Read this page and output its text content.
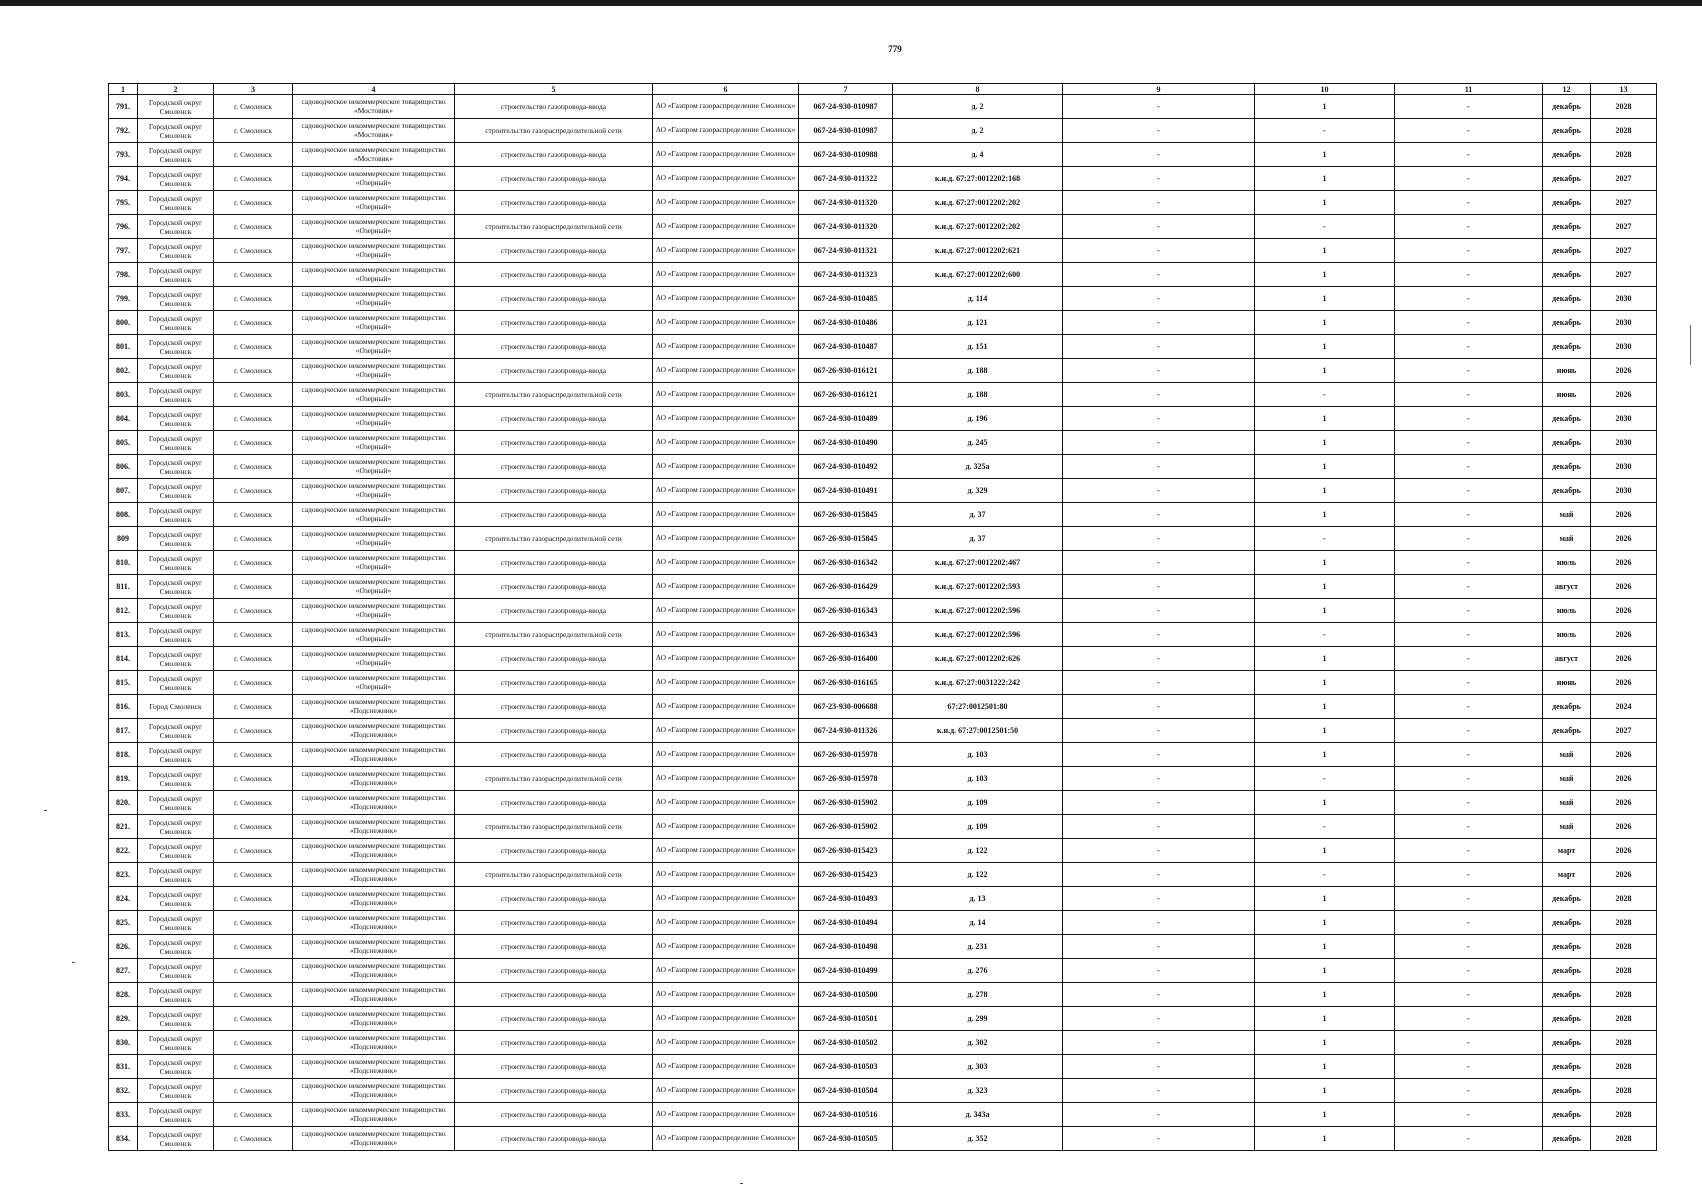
779
1	2	3	4	5	6	7	8	9	10	11	12	13
791.	Городской округ Смоленск	г. Смоленск	садоводческое некоммерческое товарищество «Мостовик»	строительство газопровода-ввода	АО «Газпром газораспределение Смоленск»	067-24-930-010987	д. 2	-	1	-	декабрь	2028
792.	Городской округ Смоленск	г. Смоленск	садоводческое некоммерческое товарищество «Мостовик»	строительство газораспределительной сети	АО «Газпром газораспределение Смоленск»	067-24-930-010987	д. 2	-	-	-	декабрь	2028
793.	Городской округ Смоленск	г. Смоленск	садоводческое некоммерческое товарищество «Мостовик»	строительство газопровода-ввода	АО «Газпром газораспределение Смоленск»	067-24-930-010988	д. 4	-	1	-	декабрь	2028
794.	Городской округ Смоленск	г. Смоленск	садоводческое некоммерческое товарищество «Озерный»	строительство газопровода-ввода	АО «Газпром газораспределение Смоленск»	067-24-930-011322	к.н.д. 67:27:0012202:168	-	1	-	декабрь	2027
795.	Городской округ Смоленск	г. Смоленск	садоводческое некоммерческое товарищество «Озерный»	строительство газопровода-ввода	АО «Газпром газораспределение Смоленск»	067-24-930-011320	к.н.д. 67:27:0012202:202	-	1	-	декабрь	2027
796.	Городской округ Смоленск	г. Смоленск	садоводческое некоммерческое товарищество «Озерный»	строительство газораспределительной сети	АО «Газпром газораспределение Смоленск»	067-24-930-011320	к.н.д. 67:27:0012202:202	-	-	-	декабрь	2027
797.	Городской округ Смоленск	г. Смоленск	садоводческое некоммерческое товарищество «Озерный»	строительство газопровода-ввода	АО «Газпром газораспределение Смоленск»	067-24-930-011321	к.н.д. 67:27:0012202:621	-	1	-	декабрь	2027
798.	Городской округ Смоленск	г. Смоленск	садоводческое некоммерческое товарищество «Озерный»	строительство газопровода-ввода	АО «Газпром газораспределение Смоленск»	067-24-930-011323	к.н.д. 67:27:0012202:600	-	1	-	декабрь	2027
799.	Городской округ Смоленск	г. Смоленск	садоводческое некоммерческое товарищество «Озерный»	строительство газопровода-ввода	АО «Газпром газораспределение Смоленск»	067-24-930-010485	д. 114	-	1	-	декабрь	2030
800.	Городской округ Смоленск	г. Смоленск	садоводческое некоммерческое товарищество «Озерный»	строительство газопровода-ввода	АО «Газпром газораспределение Смоленск»	067-24-930-010486	д. 121	-	1	-	декабрь	2030
801.	Городской округ Смоленск	г. Смоленск	садоводческое некоммерческое товарищество «Озерный»	строительство газопровода-ввода	АО «Газпром газораспределение Смоленск»	067-24-930-010487	д. 151	-	1	-	декабрь	2030
802.	Городской округ Смоленск	г. Смоленск	садоводческое некоммерческое товарищество «Озерный»	строительство газопровода-ввода	АО «Газпром газораспределение Смоленск»	067-26-930-016121	д. 188	-	1	-	июнь	2026
803.	Городской округ Смоленск	г. Смоленск	садоводческое некоммерческое товарищество «Озерный»	строительство газораспределительной сети	АО «Газпром газораспределение Смоленск»	067-26-930-016121	д. 188	-	-	-	июнь	2026
804.	Городской округ Смоленск	г. Смоленск	садоводческое некоммерческое товарищество «Озерный»	строительство газопровода-ввода	АО «Газпром газораспределение Смоленск»	067-24-930-010489	д. 196	-	1	-	декабрь	2030
805.	Городской округ Смоленск	г. Смоленск	садоводческое некоммерческое товарищество «Озерный»	строительство газопровода-ввода	АО «Газпром газораспределение Смоленск»	067-24-930-010490	д. 245	-	1	-	декабрь	2030
806.	Городской округ Смоленск	г. Смоленск	садоводческое некоммерческое товарищество «Озерный»	строительство газопровода-ввода	АО «Газпром газораспределение Смоленск»	067-24-930-010492	д. 325а	-	1	-	декабрь	2030
807.	Городской округ Смоленск	г. Смоленск	садоводческое некоммерческое товарищество «Озерный»	строительство газопровода-ввода	АО «Газпром газораспределение Смоленск»	067-24-930-010491	д. 329	-	1	-	декабрь	2030
808.	Городской округ Смоленск	г. Смоленск	садоводческое некоммерческое товарищество «Озерный»	строительство газопровода-ввода	АО «Газпром газораспределение Смоленск»	067-26-930-015845	д. 37	-	1	-	май	2026
809	Городской округ Смоленск	г. Смоленск	садоводческое некоммерческое товарищество «Озерный»	строительство газораспределительной сети	АО «Газпром газораспределение Смоленск»	067-26-930-015845	д. 37	-	-	-	май	2026
810.	Городской округ Смоленск	г. Смоленск	садоводческое некоммерческое товарищество «Озерный»	строительство газопровода-ввода	АО «Газпром газораспределение Смоленск»	067-26-930-016342	к.н.д. 67:27:0012202:467	-	1	-	июль	2026
811.	Городской округ Смоленск	г. Смоленск	садоводческое некоммерческое товарищество «Озерный»	строительство газопровода-ввода	АО «Газпром газораспределение Смоленск»	067-26-930-016429	к.н.д. 67:27:0012202:593	-	1	-	август	2026
812.	Городской округ Смоленск	г. Смоленск	садоводческое некоммерческое товарищество «Озерный»	строительство газопровода-ввода	АО «Газпром газораспределение Смоленск»	067-26-930-016343	к.н.д. 67:27:0012202:596	-	1	-	июль	2026
813.	Городской округ Смоленск	г. Смоленск	садоводческое некоммерческое товарищество «Озерный»	строительство газораспределительной сети	АО «Газпром газораспределение Смоленск»	067-26-930-016343	к.н.д. 67:27:0012202:596	-	-	-	июль	2026
814.	Городской округ Смоленск	г. Смоленск	садоводческое некоммерческое товарищество «Озерный»	строительство газопровода-ввода	АО «Газпром газораспределение Смоленск»	067-26-930-016400	к.н.д. 67:27:0012202:626	-	1	-	август	2026
815.	Городской округ Смоленск	г. Смоленск	садоводческое некоммерческое товарищество «Озерный»	строительство газопровода-ввода	АО «Газпром газораспределение Смоленск»	067-26-930-016165	к.н.д. 67:27:0031222:242	-	1	-	июнь	2026
816.	Город Смоленск	г. Смоленск	садоводческое некоммерческое товарищество «Подснежник»	строительство газопровода-ввода	АО «Газпром газораспределение Смоленск»	067-23-930-006688	67:27:0012501:80	-	1	-	декабрь	2024
817.	Городской округ Смоленск	г. Смоленск	садоводческое некоммерческое товарищество «Подснежник»	строительство газопровода-ввода	АО «Газпром газораспределение Смоленск»	067-24-930-011326	к.н.д. 67:27:0012501:50	-	1	-	декабрь	2027
818.	Городской округ Смоленск	г. Смоленск	садоводческое некоммерческое товарищество «Подснежник»	строительство газопровода-ввода	АО «Газпром газораспределение Смоленск»	067-26-930-015978	д. 103	-	1	-	май	2026
819.	Городской округ Смоленск	г. Смоленск	садоводческое некоммерческое товарищество «Подснежник»	строительство газораспределительной сети	АО «Газпром газораспределение Смоленск»	067-26-930-015978	д. 103	-	-	-	май	2026
820.	Городской округ Смоленск	г. Смоленск	садоводческое некоммерческое товарищество «Подснежник»	строительство газопровода-ввода	АО «Газпром газораспределение Смоленск»	067-26-930-015902	д. 109	-	1	-	май	2026
821.	Городской округ Смоленск	г. Смоленск	садоводческое некоммерческое товарищество «Подснежник»	строительство газораспределительной сети	АО «Газпром газораспределение Смоленск»	067-26-930-015902	д. 109	-	-	-	май	2026
822.	Городской округ Смоленск	г. Смоленск	садоводческое некоммерческое товарищество «Подснежник»	строительство газопровода-ввода	АО «Газпром газораспределение Смоленск»	067-26-930-015423	д. 122	-	1	-	март	2026
823.	Городской округ Смоленск	г. Смоленск	садоводческое некоммерческое товарищество «Подснежник»	строительство газораспределительной сети	АО «Газпром газораспределение Смоленск»	067-26-930-015423	д. 122	-	-	-	март	2026
824.	Городской округ Смоленск	г. Смоленск	садоводческое некоммерческое товарищество «Подснежник»	строительство газопровода-ввода	АО «Газпром газораспределение Смоленск»	067-24-930-010493	д. 13	-	1	-	декабрь	2028
825.	Городской округ Смоленск	г. Смоленск	садоводческое некоммерческое товарищество «Подснежник»	строительство газопровода-ввода	АО «Газпром газораспределение Смоленск»	067-24-930-010494	д. 14	-	1	-	декабрь	2028
826.	Городской округ Смоленск	г. Смоленск	садоводческое некоммерческое товарищество «Подснежник»	строительство газопровода-ввода	АО «Газпром газораспределение Смоленск»	067-24-930-010498	д. 231	-	1	-	декабрь	2028
827.	Городской округ Смоленск	г. Смоленск	садоводческое некоммерческое товарищество «Подснежник»	строительство газопровода-ввода	АО «Газпром газораспределение Смоленск»	067-24-930-010499	д. 276	-	1	-	декабрь	2028
828.	Городской округ Смоленск	г. Смоленск	садоводческое некоммерческое товарищество «Подснежник»	строительство газопровода-ввода	АО «Газпром газораспределение Смоленск»	067-24-930-010500	д. 278	-	1	-	декабрь	2028
829.	Городской округ Смоленск	г. Смоленск	садоводческое некоммерческое товарищество «Подснежник»	строительство газопровода-ввода	АО «Газпром газораспределение Смоленск»	067-24-930-010501	д. 299	-	1	-	декабрь	2028
830.	Городской округ Смоленск	г. Смоленск	садоводческое некоммерческое товарищество «Подснежник»	строительство газопровода-ввода	АО «Газпром газораспределение Смоленск»	067-24-930-010502	д. 302	-	1	-	декабрь	2028
831.	Городской округ Смоленск	г. Смоленск	садоводческое некоммерческое товарищество «Подснежник»	строительство газопровода-ввода	АО «Газпром газораспределение Смоленск»	067-24-930-010503	д. 303	-	1	-	декабрь	2028
832.	Городской округ Смоленск	г. Смоленск	садоводческое некоммерческое товарищество «Подснежник»	строительство газопровода-ввода	АО «Газпром газораспределение Смоленск»	067-24-930-010504	д. 323	-	1	-	декабрь	2028
833.	Городской округ Смоленск	г. Смоленск	садоводческое некоммерческое товарищество «Подснежник»	строительство газопровода-ввода	АО «Газпром газораспределение Смоленск»	067-24-930-010516	д. 343а	-	1	-	декабрь	2028
834.	Городской округ Смоленск	г. Смоленск	садоводческое некоммерческое товарищество «Подснежник»	строительство газопровода-ввода	АО «Газпром газораспределение Смоленск»	067-24-930-010505	д. 352	-	1	-	декабрь	2028
